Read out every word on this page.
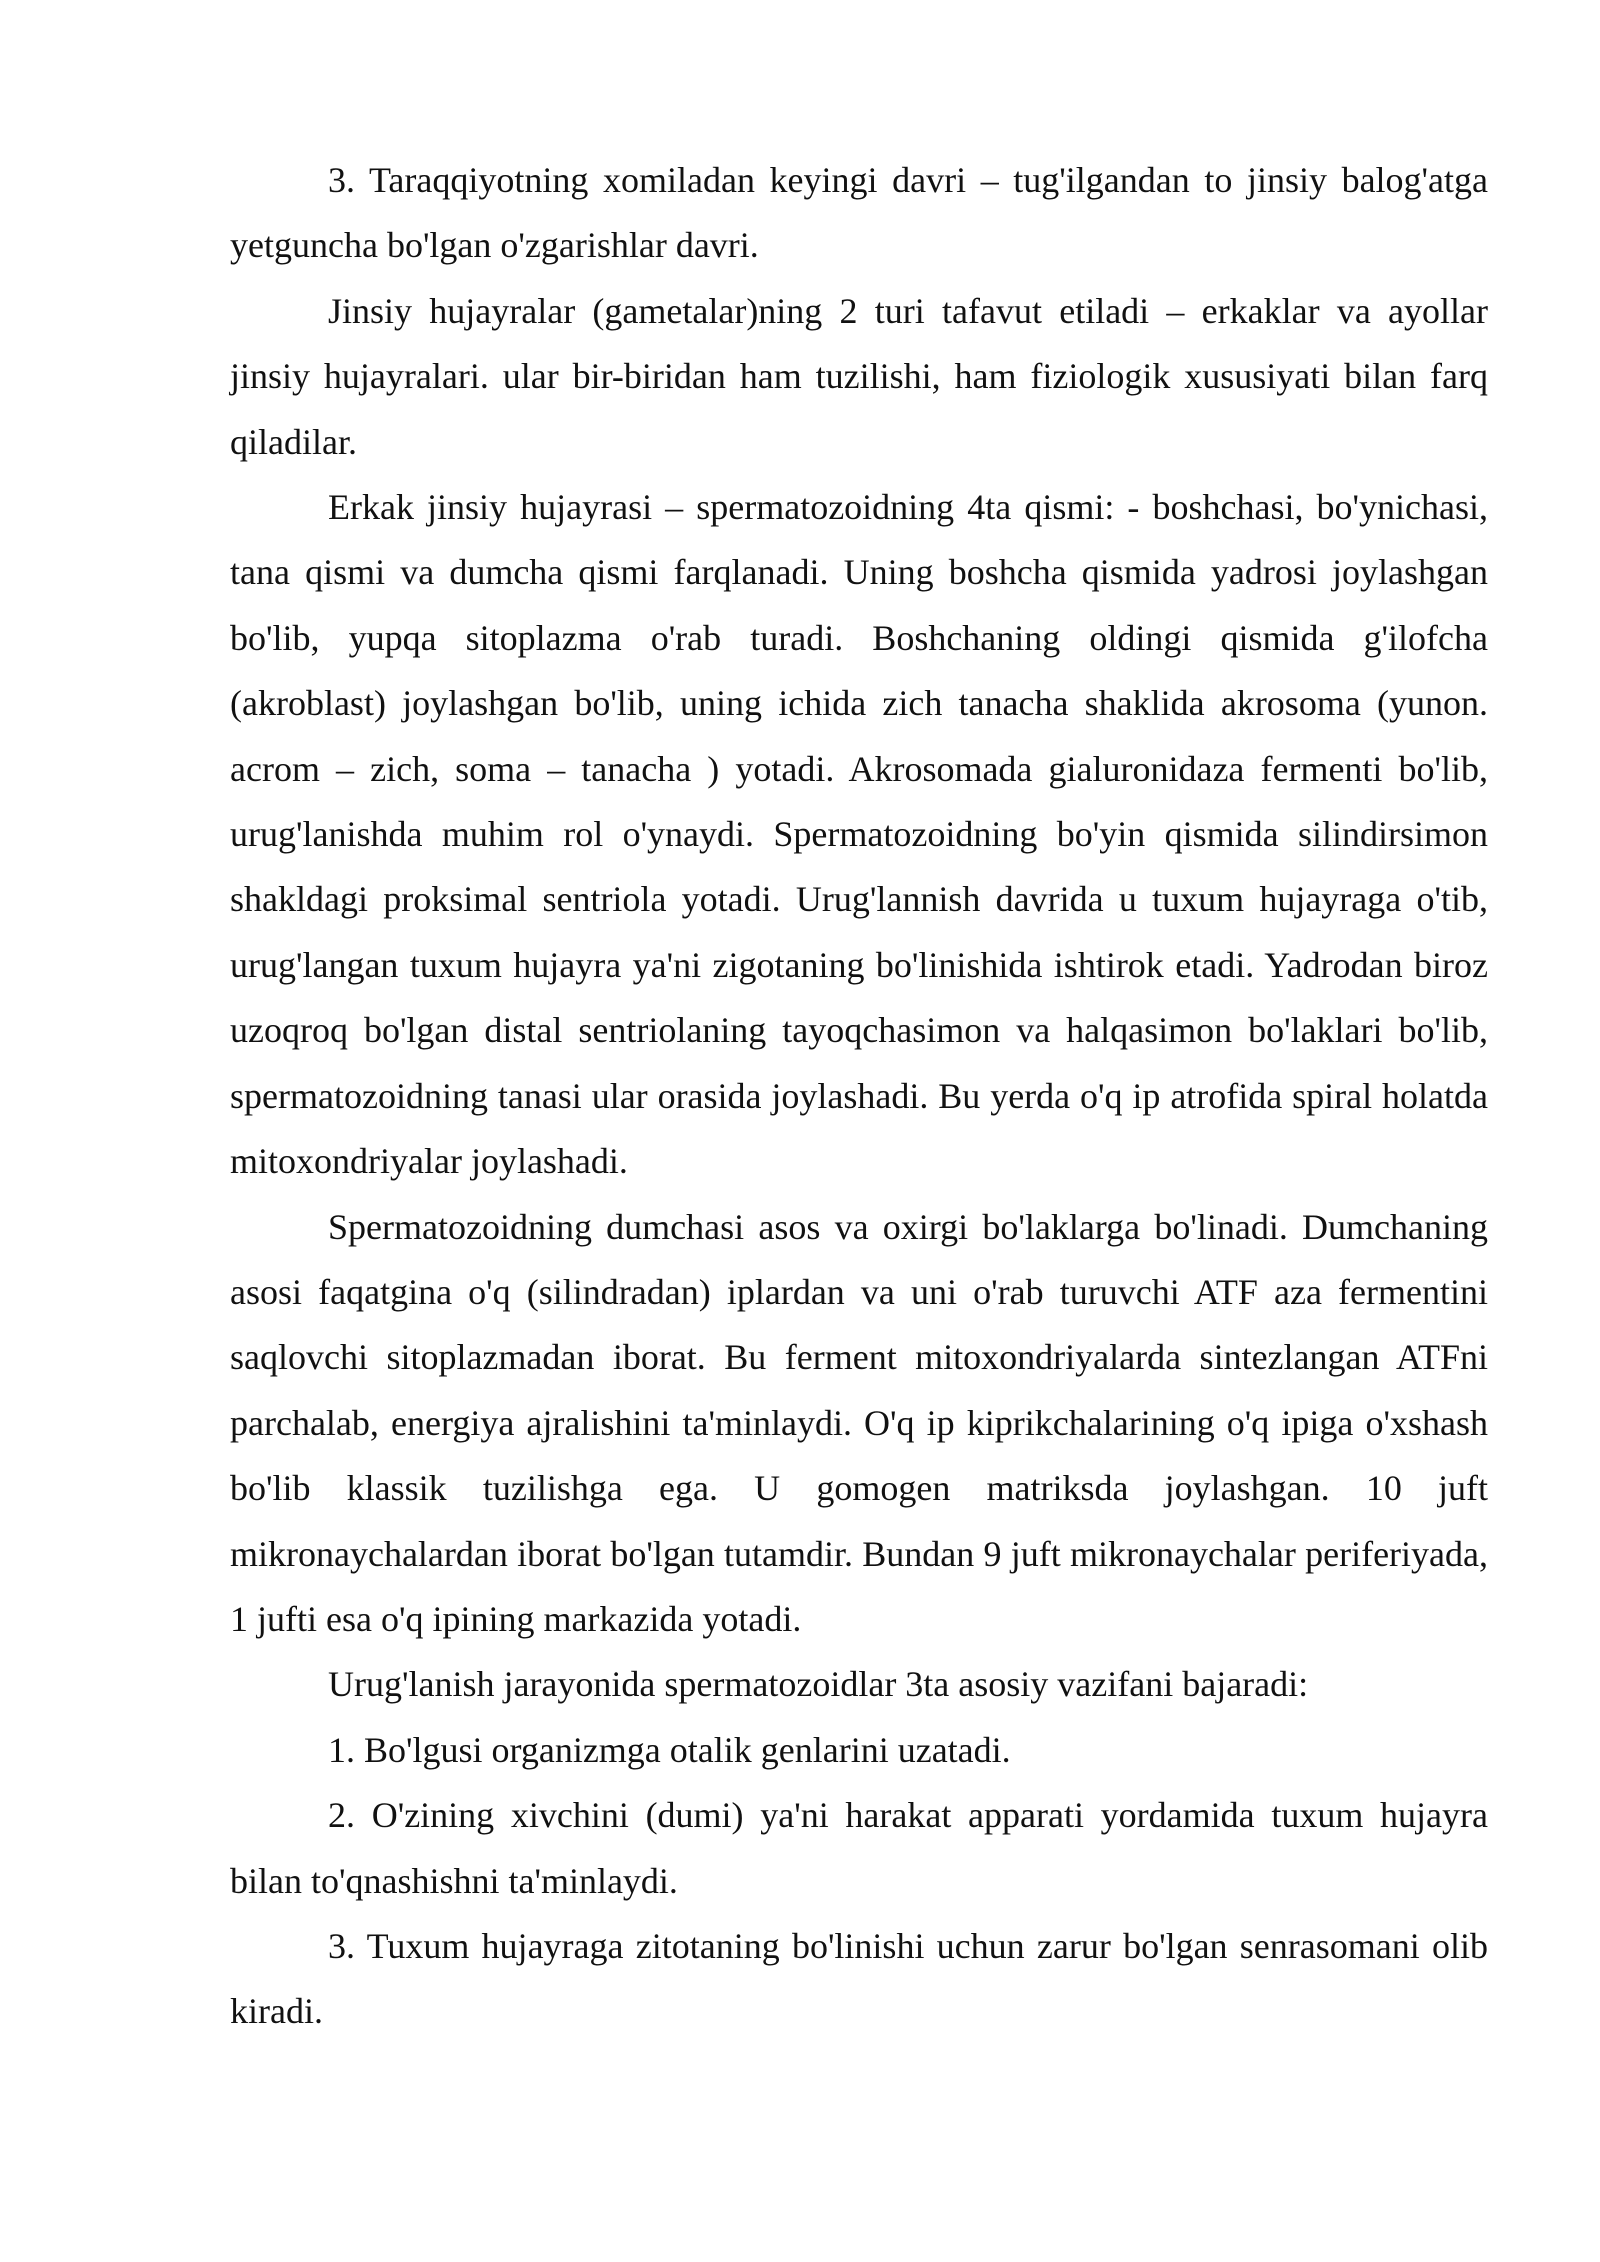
3. Taraqqiyotning xomiladan keyingi davri – tug'ilgandan to jinsiy balog'atga yetguncha bo'lgan o'zgarishlar davri.

Jinsiy hujayralar (gametalar)ning 2 turi tafavut etiladi – erkaklar va ayollar jinsiy hujayralari. ular bir-biridan ham tuzilishi, ham fiziologik xususiyati bilan farq qiladilar.

Erkak jinsiy hujayrasi – spermatozoidning 4ta qismi: - boshchasi, bo'ynichasi, tana qismi va dumcha qismi farqlanadi. Uning boshcha qismida yadrosi joylashgan bo'lib, yupqa sitoplazma o'rab turadi. Boshchaning oldingi qismida g'ilofcha (akroblast) joylashgan bo'lib, uning ichida zich tanacha shaklida akrosoma (yunon. acrom – zich, soma – tanacha ) yotadi. Akrosomada gialuronidaza fermenti bo'lib, urug'lanishda muhim rol o'ynaydi. Spermatozoidning bo'yin qismida silindirsimon shakldagi proksimal sentriola yotadi. Urug'lannish davrida u tuxum hujayraga o'tib, urug'langan tuxum hujayra ya'ni zigotaning bo'linishida ishtirok etadi. Yadrodan biroz uzoqroq bo'lgan distal sentriolaning tayoqchasimon va halqasimon bo'laklari bo'lib, spermatozoidning tanasi ular orasida joylashadi. Bu yerda o'q ip atrofida spiral holatda mitoxondriyalar joylashadi.

Spermatozoidning dumchasi asos va oxirgi bo'laklarga bo'linadi. Dumchaning asosi faqatgina o'q (silindradan) iplardan va uni o'rab turuvchi ATF aza fermentini saqlovchi sitoplazmadan iborat. Bu ferment mitoxondriyalarda sintezlangan ATFni parchalab, energiya ajralishini ta'minlaydi. O'q ip kiprikchalarining o'q ipiga o'xshash bo'lib klassik tuzilishga ega. U gomogen matriksda joylashgan. 10 juft mikronaychalardan iborat bo'lgan tutamdir. Bundan 9 juft mikronaychalar periferiyada, 1 jufti esa o'q ipining markazida yotadi.

Urug'lanish jarayonida spermatozoidlar 3ta asosiy vazifani bajaradi:

1. Bo'lgusi organizmga otalik genlarini uzatadi.

2. O'zining xivchini (dumi) ya'ni harakat apparati yordamida tuxum hujayra bilan to'qnashishni ta'minlaydi.

3. Tuxum hujayraga zitotaning bo'linishi uchun zarur bo'lgan senrasomani olib kiradi.
